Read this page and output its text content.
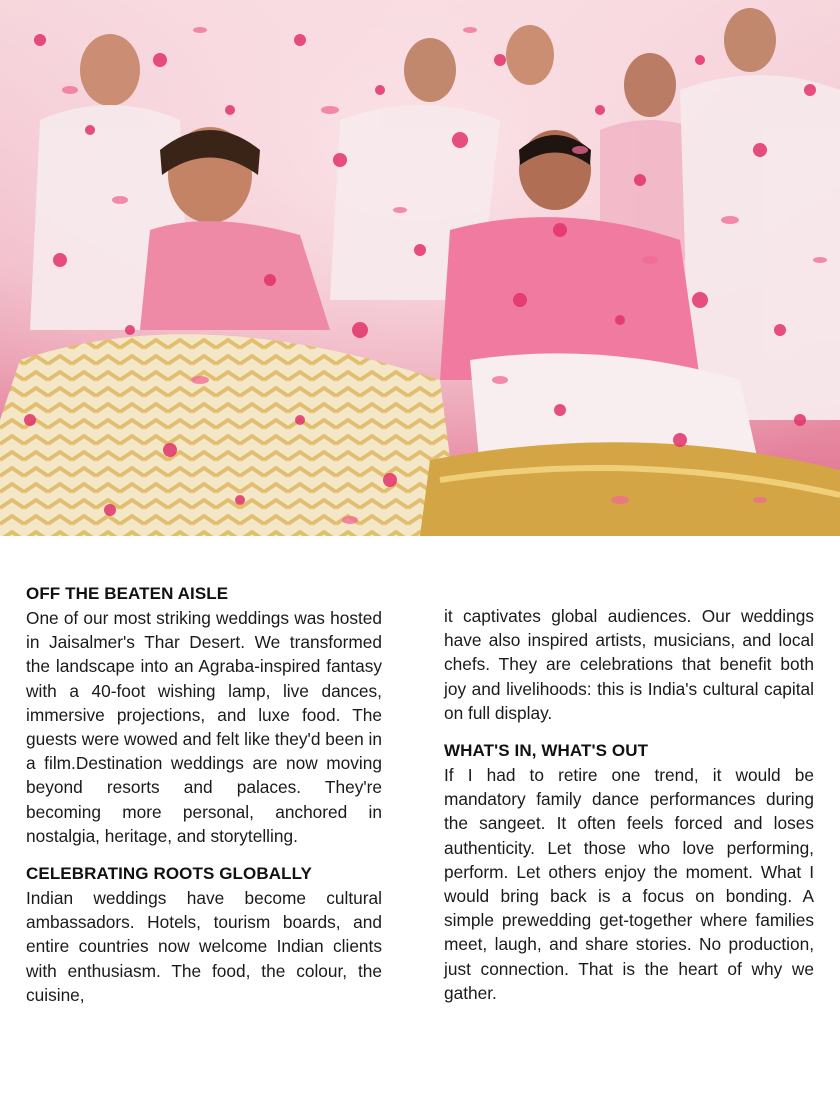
OFF THE BEATEN AISLE

One of our most striking weddings was hosted in Jaisalmer's Thar Desert. We transformed the landscape into an Agraba-inspired fantasy with a 40-foot wishing lamp, live dances, immersive projections, and luxe food. The guests were wowed and felt like they'd been in a film.Destination weddings are now moving beyond resorts and palaces. They're becoming more personal, anchored in nostalgia, heritage, and storytelling.

CELEBRATING ROOTS GLOBALLY

Indian weddings have become cultural ambassadors. Hotels, tourism boards, and entire countries now welcome Indian clients with enthusiasm. The food, the colour, the cuisine,

it captivates global audiences. Our weddings have also inspired artists, musicians, and local chefs. They are celebrations that benefit both joy and livelihoods: this is India's cultural capital on full display.

WHAT'S IN, WHAT'S OUT

If I had to retire one trend, it would be mandatory family dance performances during the sangeet. It often feels forced and loses authenticity. Let those who love performing, perform. Let others enjoy the moment. What I would bring back is a focus on bonding. A simple prewedding get-together where families meet, laugh, and share stories. No production, just connection. That is the heart of why we gather.
